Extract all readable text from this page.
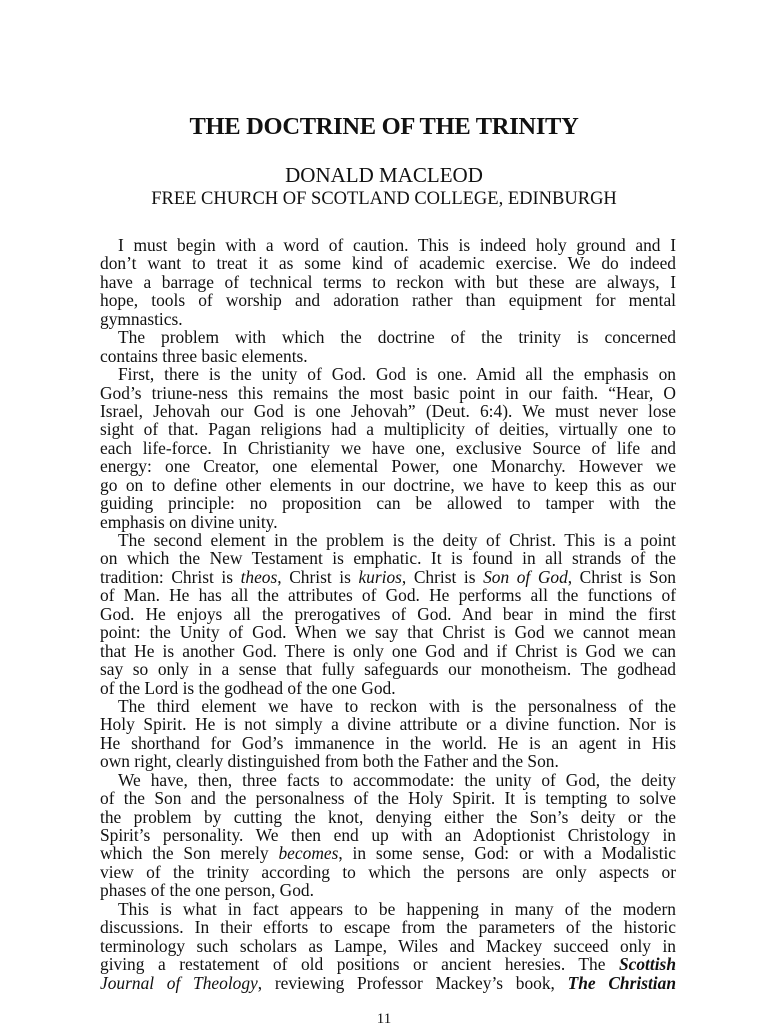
THE DOCTRINE OF THE TRINITY
DONALD MACLEOD
FREE CHURCH OF SCOTLAND COLLEGE, EDINBURGH
I must begin with a word of caution. This is indeed holy ground and I
don’t want to treat it as some kind of academic exercise. We do indeed
have a barrage of technical terms to reckon with but these are always, I
hope, tools of worship and adoration rather than equipment for mental
gymnastics.
The problem with which the doctrine of the trinity is concerned
contains three basic elements.
First, there is the unity of God. God is one. Amid all the emphasis on
God’s triune-ness this remains the most basic point in our faith. “Hear, O
Israel, Jehovah our God is one Jehovah” (Deut. 6:4). We must never lose
sight of that. Pagan religions had a multiplicity of deities, virtually one to
each life-force. In Christianity we have one, exclusive Source of life and
energy: one Creator, one elemental Power, one Monarchy. However we
go on to define other elements in our doctrine, we have to keep this as our
guiding principle: no proposition can be allowed to tamper with the
emphasis on divine unity.
The second element in the problem is the deity of Christ. This is a point
on which the New Testament is emphatic. It is found in all strands of the
tradition: Christ is theos, Christ is kurios, Christ is Son of God, Christ is Son
of Man. He has all the attributes of God. He performs all the functions of
God. He enjoys all the prerogatives of God. And bear in mind the first
point: the Unity of God. When we say that Christ is God we cannot mean
that He is another God. There is only one God and if Christ is God we can
say so only in a sense that fully safeguards our monotheism. The godhead
of the Lord is the godhead of the one God.
The third element we have to reckon with is the personalness of the
Holy Spirit. He is not simply a divine attribute or a divine function. Nor is
He shorthand for God’s immanence in the world. He is an agent in His
own right, clearly distinguished from both the Father and the Son.
We have, then, three facts to accommodate: the unity of God, the deity
of the Son and the personalness of the Holy Spirit. It is tempting to solve
the problem by cutting the knot, denying either the Son’s deity or the
Spirit’s personality. We then end up with an Adoptionist Christology in
which the Son merely becomes, in some sense, God: or with a Modalistic
view of the trinity according to which the persons are only aspects or
phases of the one person, God.
This is what in fact appears to be happening in many of the modern
discussions. In their efforts to escape from the parameters of the historic
terminology such scholars as Lampe, Wiles and Mackey succeed only in
giving a restatement of old positions or ancient heresies. The Scottish
Journal of Theology, reviewing Professor Mackey’s book, The Christian
11
